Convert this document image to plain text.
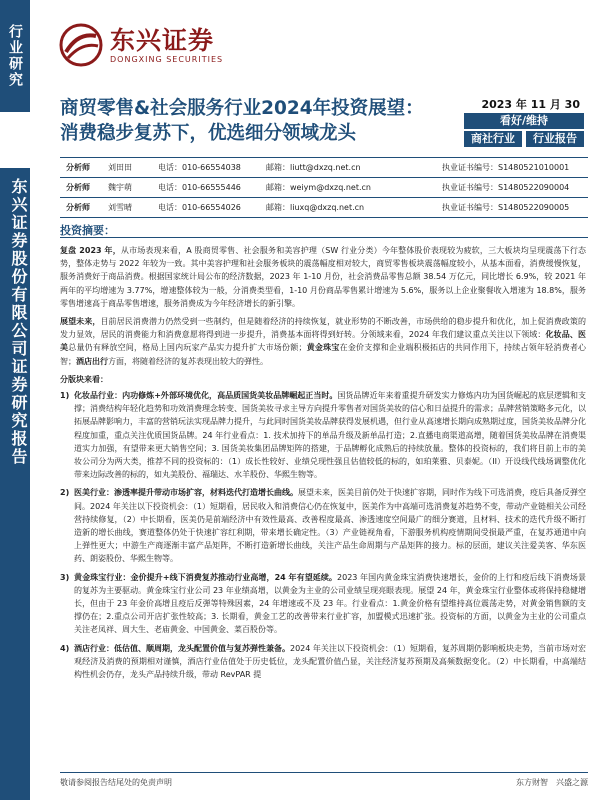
行业研究
东兴证券股份有限公司证券研究报告
东兴证券
DONGXING SECURITIES
商贸零售&社会服务行业2024年投资展望：消费稳步复苏下，优选细分领域龙头
2023 年 11 月 30
看好/维持
商社行业	行业报告
分析师	刘田田	电话：010-66554038	邮箱：liutt@dxzq.net.cn	执业证书编号：S1480521010001
分析师	魏宇萌	电话：010-66555446	邮箱：weiym@dxzq.net.cn	执业证书编号：S1480522090004
分析师	刘雪晴	电话：010-66554026	邮箱：liuxq@dxzq.net.cn	执业证书编号：S1480522090005
投资摘要：

复盘 2023 年，从市场表现来看，A 股商贸零售、社会服务和美容护理（SW 行业分类）今年整体股价表现较为疲软，三大板块均呈现震荡下行态势，整体走势与 2022 年较为一致。其中美容护理和社会服务板块的震荡幅度相对较大，商贸零售板块震荡幅度较小，从基本面看，消费缓慢恢复，服务消费好于商品消费。根据国家统计局公布的经济数据，2023 年 1-10 月份，社会消费品零售总额 38.54 万亿元，同比增长 6.9%，较 2021 年两年的平均增速为 3.77%，增速整体较为一般，分消费类型看，1-10 月份商品零售累计增速为 5.6%，服务以上企业聚餐收入增速为 18.8%，服务零售增速高于商品零售增速，服务消费成为今年经济增长的新引擎。

展望未来，目前居民消费潜力仍然受到一些制约，但是随着经济的持续恢复，就业形势的不断改善，市场供给的稳步提升和优化，加上促消费政策的发力显效，居民的消费能力和消费意愿将得到进一步提升，消费基本面将得到好转。分领域来看，2024 年我们建议重点关注以下领域：化妆品、医美总量仍有释放空间，格局上国内玩家产品实力提升扩大市场份额；黄金珠宝在金价支撑和企业端积极拓店的共同作用下，持续占领年轻消费者心智；酒店出行方面，将随着经济的复苏表现出较大的弹性。

分版块来看：
1) 化妆品行业：内功修炼+外部环境优化，高品质国货美妆品牌崛起正当时。国货品牌近年来着重提升研发实力修炼内功为国货崛起的底层逻辑和支撑；消费结构年轻化趋势和功效消费理念转变、国货美妆寻求主导方向提升零售者对国货美妆的信心和日益提升的需求；品牌营销策略多元化，以拓展品牌影响力，丰富的营销玩法实现品牌力提升，与此同时国货美妆品牌获得发展机遇，但行业从高速增长期向成熟期过度，国货美妆品牌分化程度加重，重点关注优质国货品牌。24 年行业看点：1. 技术加持下的单品升级及新单品打造；2.直播电商渠道高增，随着国货美妆品牌在消费渠道实力加强，有望带来更大销售空间；3. 国货美妆集团品牌矩阵的搭建，于品牌孵化成熟后的持续放量。整体的投资标的，我们将目前上市的美妆公司分为两大类，推荐不同的投资标的：（1）成长性较好、业绩兑现性强且估值较低的标的，如珀莱雅、贝泰妮。（II）开设线代线场调整优化带来边际改善的标的，如丸美股份、福瑞达、水羊股份、华熙生物等。
2) 医美行业：渗透率提升带动市场扩容，材料迭代打造增长曲线。展望未来，医美目前仍处于快速扩容期，同时作为线下可选消费，疫后具备反弹空间。2024 年关注以下投资机会：（1）短期看，居民收入和消费信心仍在恢复中，医美作为中高端可选消费复苏趋势不变，带动产业链相关公司经营持续修复，（2）中长期看，医美仍是前端经济中有效性最高、改善程度最高、渗透速度空间最广的细分赛道，且材料、技术的迭代升级不断打造新的增长曲线，赛道整体仍处于快速扩容红利期，带来增长确定性。（3）产业链视角看，下游服务机构疫情期间受损最严重，在复苏通道中向上弹性更大；中游生产商逐渐丰富产品矩阵，不断打造新增长曲线，关注产品生命周期与产品矩阵的接力。标的层面，建议关注爱美客、华东医药、朗姿股份、华熙生物等。
3) 黄金珠宝行业：金价提升+线下消费复苏推动行业高增，24 年有望延续。2023 年国内黄金珠宝消费快速增长，金价的上行和疫后线下消费场景的复苏为主要驱动。黄金珠宝行业公司 23 年业绩高增，以黄金为主业的公司业绩呈现亮眼表现。展望 24 年，黄金珠宝行业整体或将保持稳健增长，但由于 23 年金价高增且疫后反弹等特殊因素，24 年增速或不及 23 年。行业看点：1.黄金价格有望维持高位震荡走势，对黄金销售额的支撑仍在；2.重点公司开店扩张性较高；3. 长期看，黄金工艺的改善带来行业扩容，加盟模式迅速扩张。投资标的方面，以黄金为主业的公司重点关注老凤祥、周大生、老庙黄金、中国黄金、菜百股份等。
4) 酒店行业：低估值、顺周期，龙头配置价值与复苏弹性兼备。2024 年关注以下投资机会：（1）短期看，复苏周期仍影响板块走势，当前市场对宏观经济及消费的预期相对谨慎，酒店行业估值处于历史低位，龙头配置价值凸显，关注经济复苏预期及高频数据变化。（2）中长期看，中高端结构性机会仍存，龙头产品持续升级，带动 RevPAR 提
敬请参阅报告结尾处的免责声明	东方财智　兴盛之源
